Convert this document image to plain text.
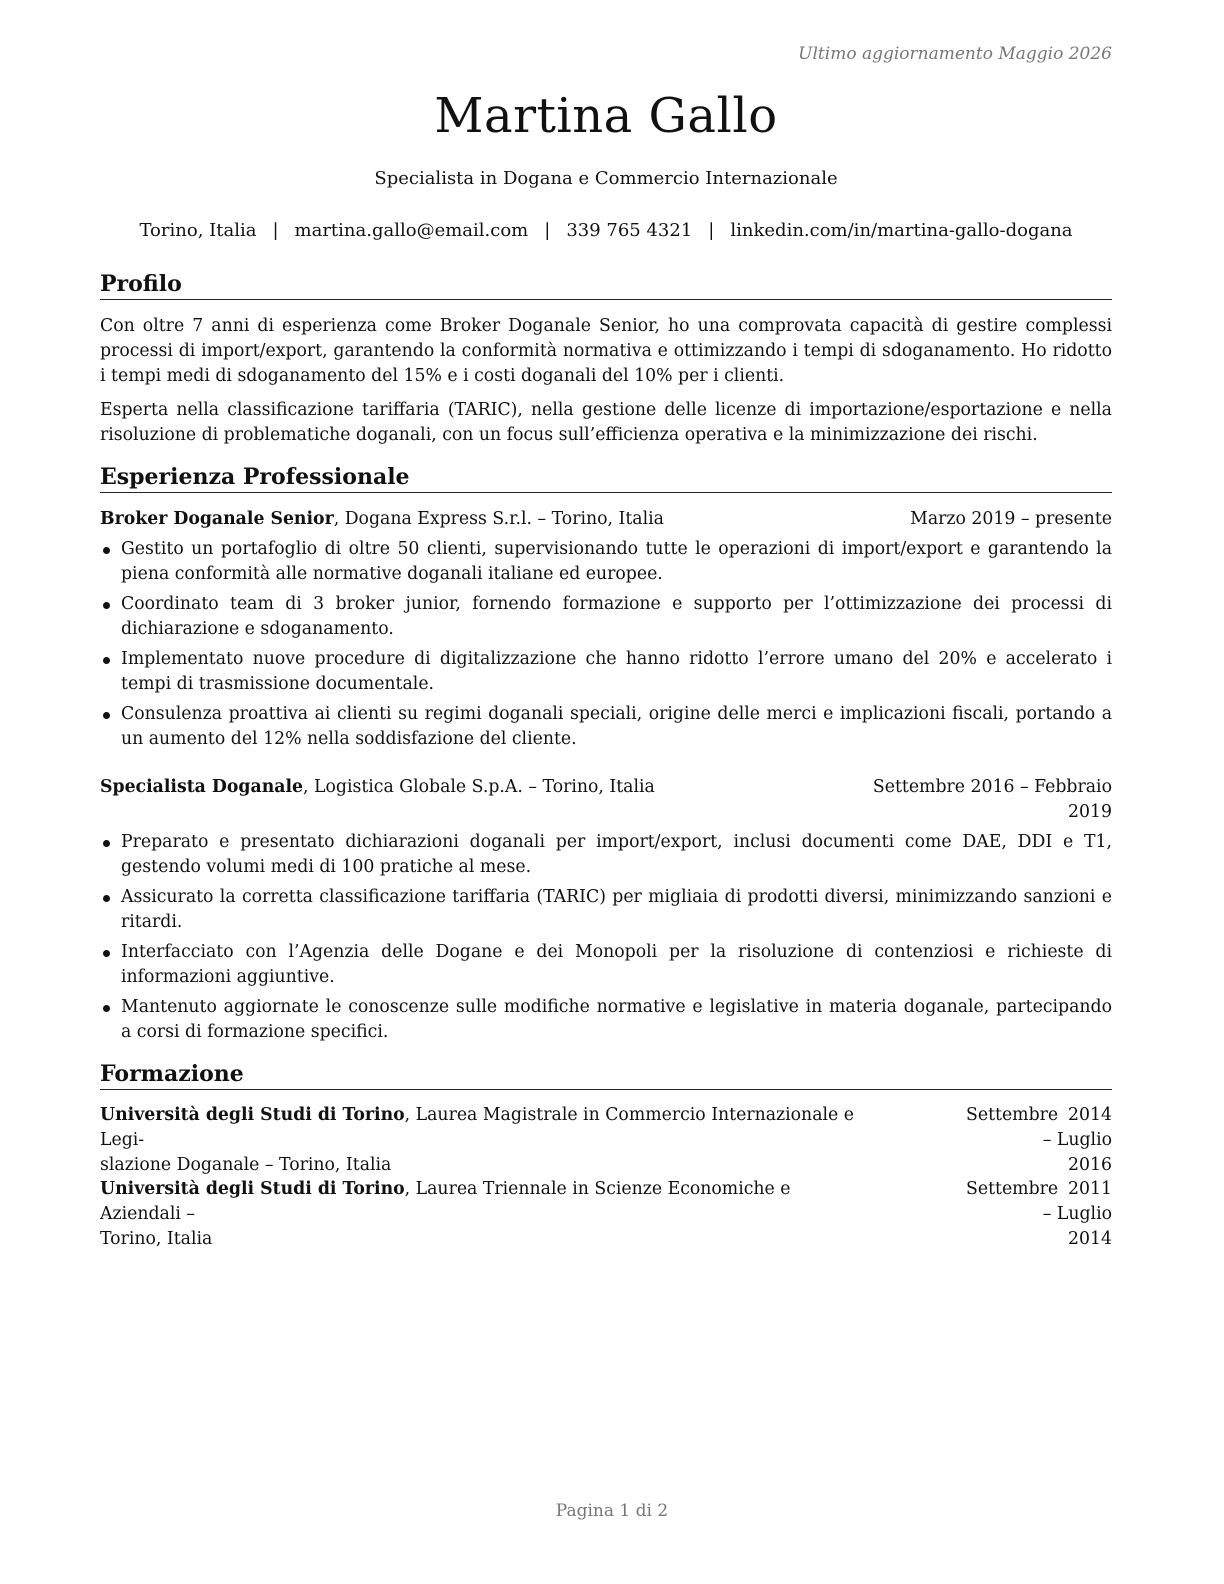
Ultimo aggiornamento Maggio 2026
Martina Gallo
Specialista in Dogana e Commercio Internazionale
Torino, Italia | martina.gallo@email.com | 339 765 4321 | linkedin.com/in/martina-gallo-dogana
Profilo
Con oltre 7 anni di esperienza come Broker Doganale Senior, ho una comprovata capacità di gestire complessi processi di import/export, garantendo la conformità normativa e ottimizzando i tempi di sdoganamento. Ho ridotto i tempi medi di sdoganamento del 15% e i costi doganali del 10% per i clienti.
Esperta nella classificazione tariffaria (TARIC), nella gestione delle licenze di importazione/esportazione e nella risoluzione di problematiche doganali, con un focus sull’efficienza operativa e la minimizzazione dei rischi.
Esperienza Professionale
Broker Doganale Senior, Dogana Express S.r.l. – Torino, Italia	Marzo 2019 – presente
Gestito un portafoglio di oltre 50 clienti, supervisionando tutte le operazioni di import/export e garantendo la piena conformità alle normative doganali italiane ed europee.
Coordinato team di 3 broker junior, fornendo formazione e supporto per l’ottimizzazione dei processi di dichiarazione e sdoganamento.
Implementato nuove procedure di digitalizzazione che hanno ridotto l’errore umano del 20% e accelerato i tempi di trasmissione documentale.
Consulenza proattiva ai clienti su regimi doganali speciali, origine delle merci e implicazioni fiscali, portando a un aumento del 12% nella soddisfazione del cliente.
Specialista Doganale, Logistica Globale S.p.A. – Torino, Italia	Settembre 2016 – Febbraio
2019
Preparato e presentato dichiarazioni doganali per import/export, inclusi documenti come DAE, DDI e T1, gestendo volumi medi di 100 pratiche al mese.
Assicurato la corretta classificazione tariffaria (TARIC) per migliaia di prodotti diversi, minimizzando sanzioni e ritardi.
Interfacciato con l’Agenzia delle Dogane e dei Monopoli per la risoluzione di contenziosi e richieste di informazioni aggiuntive.
Mantenuto aggiornate le conoscenze sulle modifiche normative e legislative in materia doganale, partecipando a corsi di formazione specifici.
Formazione
Università degli Studi di Torino, Laurea Magistrale in Commercio Internazionale e Legi-
slazione Doganale – Torino, Italia
Settembre 2014 – Luglio
2016
Università degli Studi di Torino, Laurea Triennale in Scienze Economiche e Aziendali –
Torino, Italia
Settembre 2011 – Luglio
2014
Pagina 1 di 2
